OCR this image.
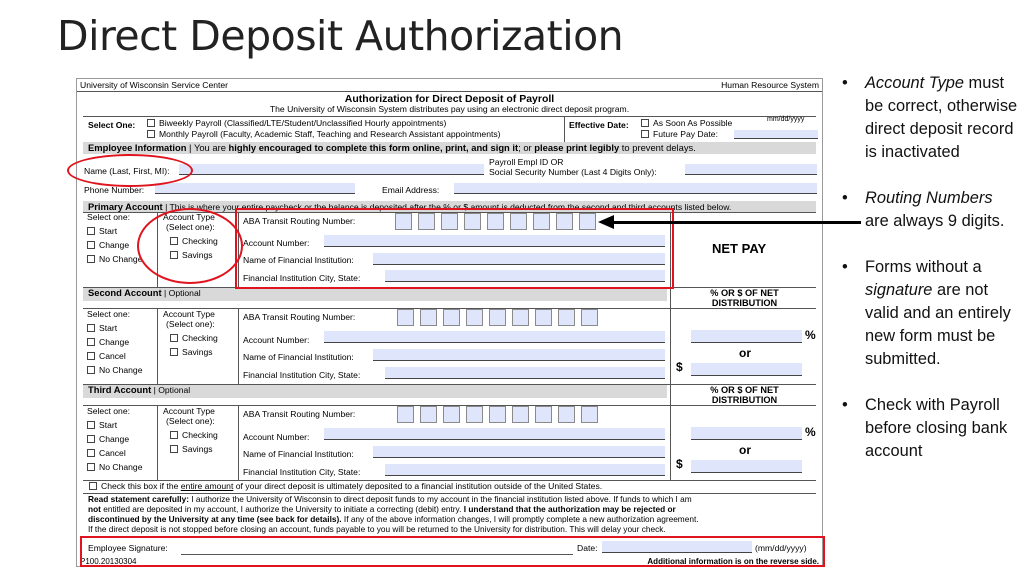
Direct Deposit Authorization
University of Wisconsin Service Center	Human Resource System
Authorization for Direct Deposit of Payroll
The University of Wisconsin System distributes pay using an electronic direct deposit program.
Select One:	Biweekly Payroll (Classified/LTE/Student/Unclassified Hourly appointments)
Monthly Payroll (Faculty, Academic Staff, Teaching and Research Assistant appointments)
Effective Date:	As Soon As Possible
Future Pay Date:
mm/dd/yyyy
Employee Information | You are highly encouraged to complete this form online, print, and sign it; or please print legibly to prevent delays.
Name (Last, First, MI):
Payroll Empl ID OR
Social Security Number (Last 4 Digits Only):
Phone Number:	Email Address:
Primary Account | This is where your entire paycheck or the balance is deposited after the % or $ amount is deducted from the second and third accounts listed below.
Select one:
Start
Change
No Change
Account Type
(Select one):
Checking
Savings
ABA Transit Routing Number:
Account Number:
Name of Financial Institution:
Financial Institution City, State:
NET PAY
Second Account | Optional	% OR $ OF NET
DISTRIBUTION
Select one:
Start
Change
Cancel
No Change
Account Type
(Select one):
Checking
Savings
ABA Transit Routing Number:
Account Number:
Name of Financial Institution:
Financial Institution City, State:
%
or
$
Third Account | Optional	% OR $ OF NET
DISTRIBUTION
Select one:
Start
Change
Cancel
No Change
Account Type
(Select one):
Checking
Savings
ABA Transit Routing Number:
Account Number:
Name of Financial Institution:
Financial Institution City, State:
%
or
$
Check this box if the entire amount of your direct deposit is ultimately deposited to a financial institution outside of the United States.
Read statement carefully: I authorize the University of Wisconsin to direct deposit funds to my account in the financial institution listed above. If funds to which I am
not entitled are deposited in my account, I authorize the University to initiate a correcting (debit) entry. I understand that the authorization may be rejected or
discontinued by the University at any time (see back for details). If any of the above information changes, I will promptly complete a new authorization agreement.
If the direct deposit is not stopped before closing an account, funds payable to you will be returned to the University for distribution. This will delay your check.
Employee Signature:	Date:	(mm/dd/yyyy)
P100.20130304	Additional information is on the reverse side.
• Account Type must be correct, otherwise direct deposit record is inactivated
• Routing Numbers are always 9 digits.
• Forms without a signature are not valid and an entirely new form must be submitted.
• Check with Payroll before closing bank account
